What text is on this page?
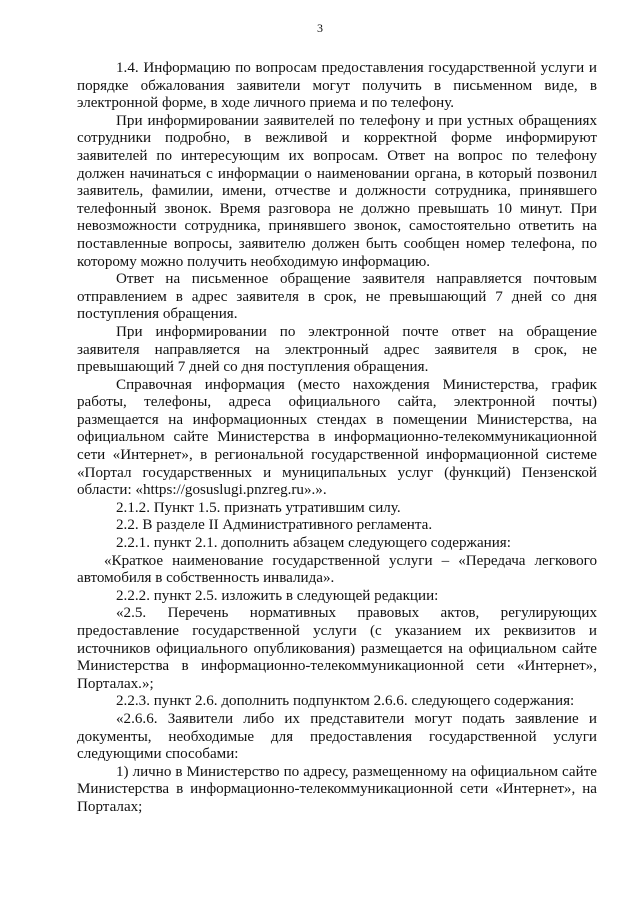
3

1.4. Информацию по вопросам предоставления государственной услуги и порядке обжалования заявители могут получить в письменном виде, в электронной форме, в ходе личного приема и по телефону.

При информировании заявителей по телефону и при устных обращениях сотрудники подробно, в вежливой и корректной форме информируют заявителей по интересующим их вопросам. Ответ на вопрос по телефону должен начинаться с информации о наименовании органа, в который позвонил заявитель, фамилии, имени, отчестве и должности сотрудника, принявшего телефонный звонок. Время разговора не должно превышать 10 минут. При невозможности сотрудника, принявшего звонок, самостоятельно ответить на поставленные вопросы, заявителю должен быть сообщен номер телефона, по которому можно получить необходимую информацию.

Ответ на письменное обращение заявителя направляется почтовым отправлением в адрес заявителя в срок, не превышающий 7 дней со дня поступления обращения.

При информировании по электронной почте ответ на обращение заявителя направляется на электронный адрес заявителя в срок, не превышающий 7 дней со дня поступления обращения.

Справочная информация (место нахождения Министерства, график работы, телефоны, адреса официального сайта, электронной почты) размещается на информационных стендах в помещении Министерства, на официальном сайте Министерства в информационно-телекоммуникационной сети «Интернет», в региональной государственной информационной системе «Портал государственных и муниципальных услуг (функций) Пензенской области: «https://gosuslugi.pnzreg.ru».».

2.1.2. Пункт 1.5. признать утратившим силу.

2.2. В разделе II Административного регламента.

2.2.1. пункт 2.1. дополнить абзацем следующего содержания:

«Краткое наименование государственной услуги – «Передача легкового автомобиля в собственность инвалида».

2.2.2. пункт 2.5. изложить в следующей редакции:

«2.5. Перечень нормативных правовых актов, регулирующих предоставление государственной услуги (с указанием их реквизитов и источников официального опубликования) размещается на официальном сайте Министерства в информационно-телекоммуникационной сети «Интернет», Порталах.»;

2.2.3. пункт 2.6. дополнить подпунктом 2.6.6. следующего содержания:

«2.6.6. Заявители либо их представители могут подать заявление и документы, необходимые для предоставления государственной услуги следующими способами:

1) лично в Министерство по адресу, размещенному на официальном сайте Министерства в информационно-телекоммуникационной сети «Интернет», на Порталах;
